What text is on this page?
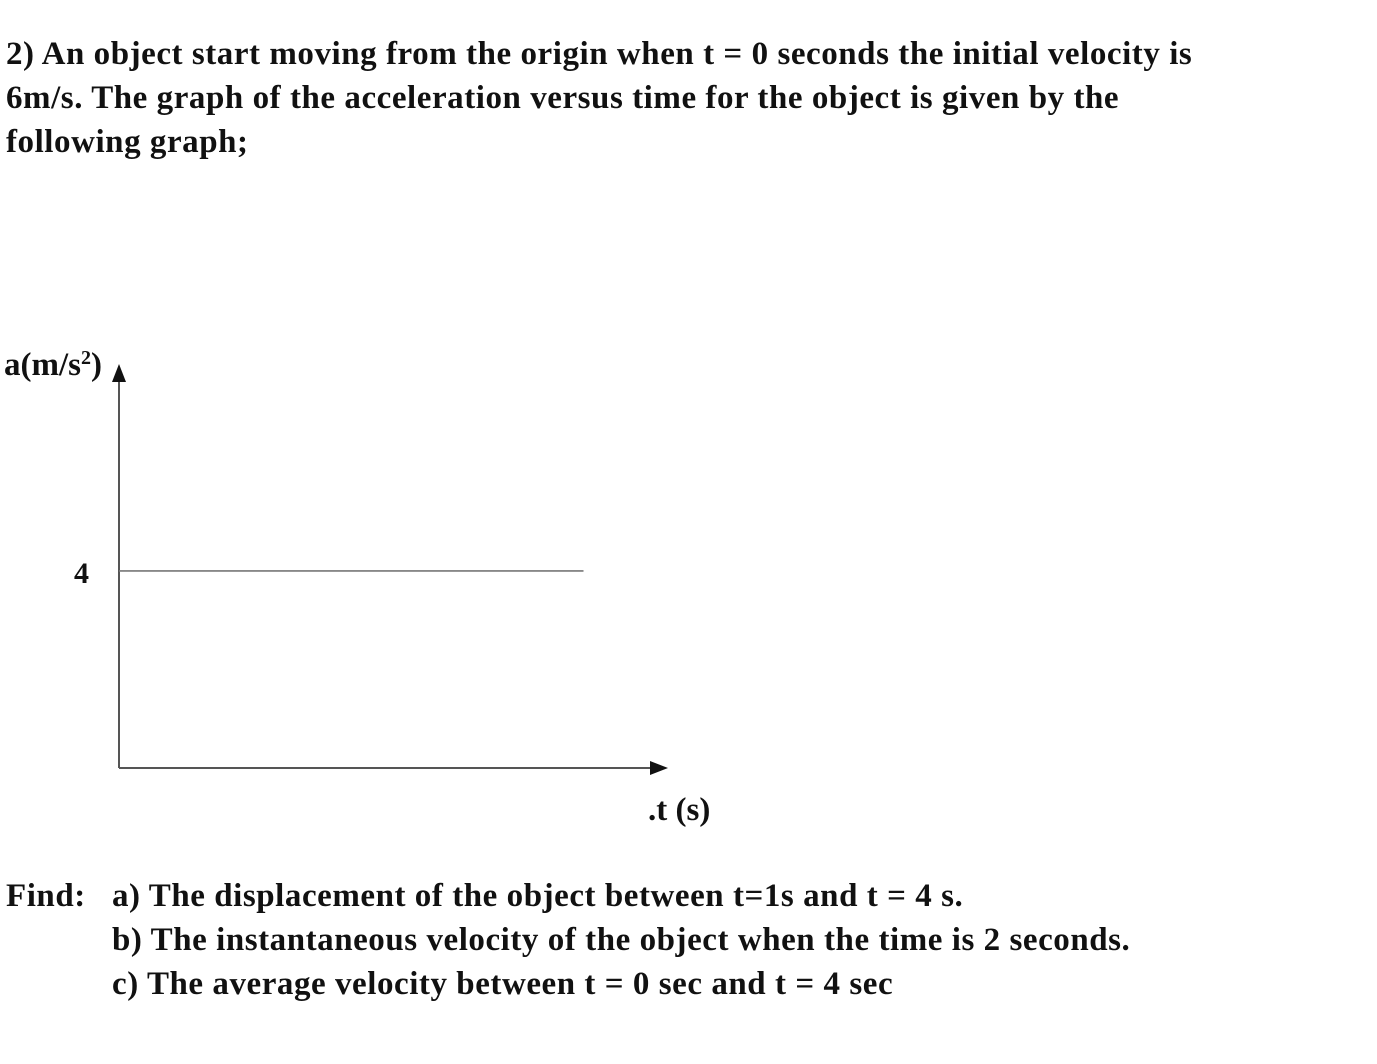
2) An object start moving from the origin when t = 0 seconds the initial velocity is
6m/s. The graph of the acceleration versus time for the object is given by the
following graph;
4
$a(m/s^2)$
.t (s)
Find: a) The displacement of the object between t=1s and t = 4 s.
b) The instantaneous velocity of the object when the time is 2 seconds.
c) The average velocity between t = 0 sec and t = 4 sec
